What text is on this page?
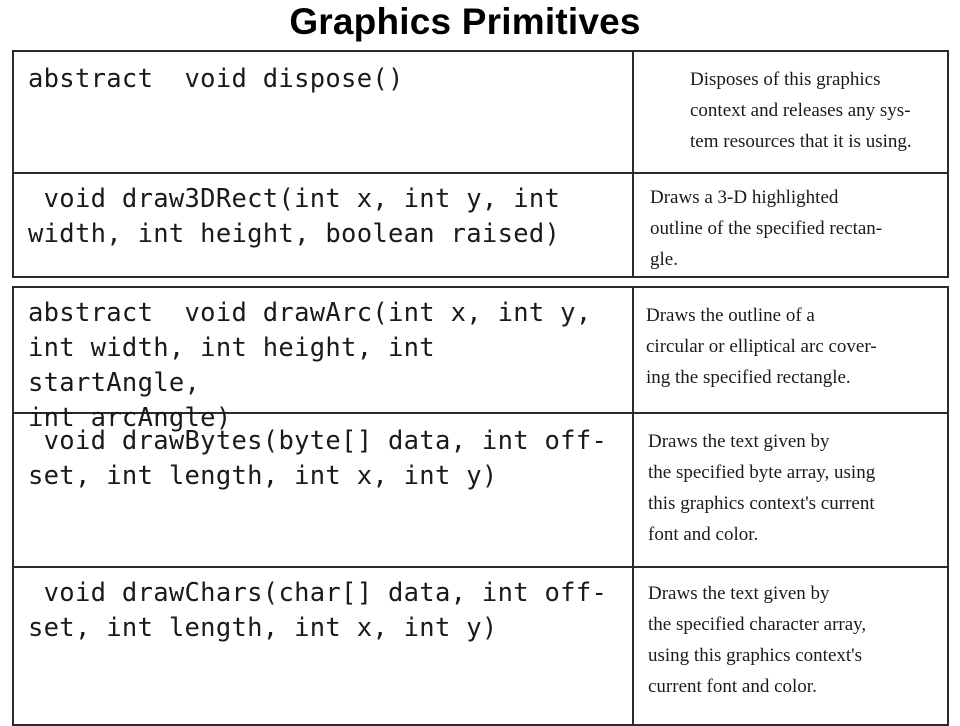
Graphics Primitives
abstract  void dispose()	Disposes of this graphics
context and releases any sys-
tem resources that it is using.
void draw3DRect(int x, int y, int
width, int height, boolean raised)
Draws a 3-D highlighted
outline of the specified rectan-
gle.
abstract  void drawArc(int x, int y,
int width, int height, int startAngle,
int arcAngle)
Draws the outline of a
circular or elliptical arc cover-
ing the specified rectangle.
void drawBytes(byte[] data, int off-
set, int length, int x, int y)
Draws the text given by
the specified byte array, using
this graphics context's current
font and color.
void drawChars(char[] data, int off-
set, int length, int x, int y)
Draws the text given by
the specified character array,
using this graphics context's
current font and color.
